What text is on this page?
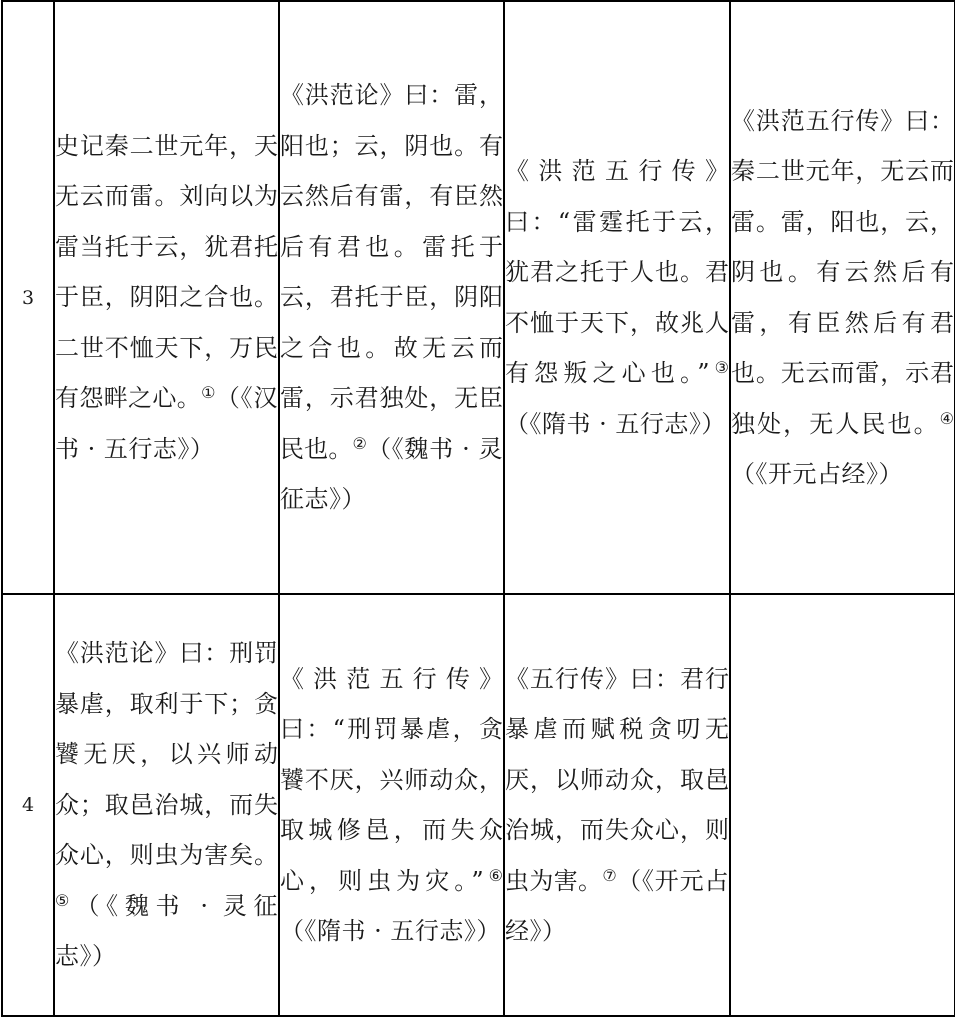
3	史记秦二世元年，天无云而雷。刘向以为雷当托于云，犹君托于臣，阴阳之合也。二世不恤天下，万民有怨畔之心。①（《汉书 · 五行志》）	《洪范论》曰：雷，阳也；云，阴也。有云然后有雷，有臣然后有君也。雷托于云，君托于臣，阴阳之合也。故无云而雷，示君独处，无臣民也。②（《魏书 · 灵征志》）	《洪范五行传》曰：“雷霆托于云，犹君之托于人也。君不恤于天下，故兆人有怨叛之心也。”③（《隋书 · 五行志》）	《洪范五行传》曰：秦二世元年，无云而雷。雷，阳也，云，阴也。有云然后有雷，有臣然后有君也。无云而雷，示君独处，无人民也。④（《开元占经》）
4	《洪范论》曰：刑罚暴虐，取利于下；贪饕无厌，以兴师动众；取邑治城，而失众心，则虫为害矣。⑤（《魏书 · 灵征志》）	《洪范五行传》曰：“刑罚暴虐，贪饕不厌，兴师动众，取城修邑，而失众心，则虫为灾。”⑥（《隋书 · 五行志》）	《五行传》曰：君行暴虐而赋税贪叨无厌，以师动众，取邑治城，而失众心，则虫为害。⑦（《开元占经》）	
